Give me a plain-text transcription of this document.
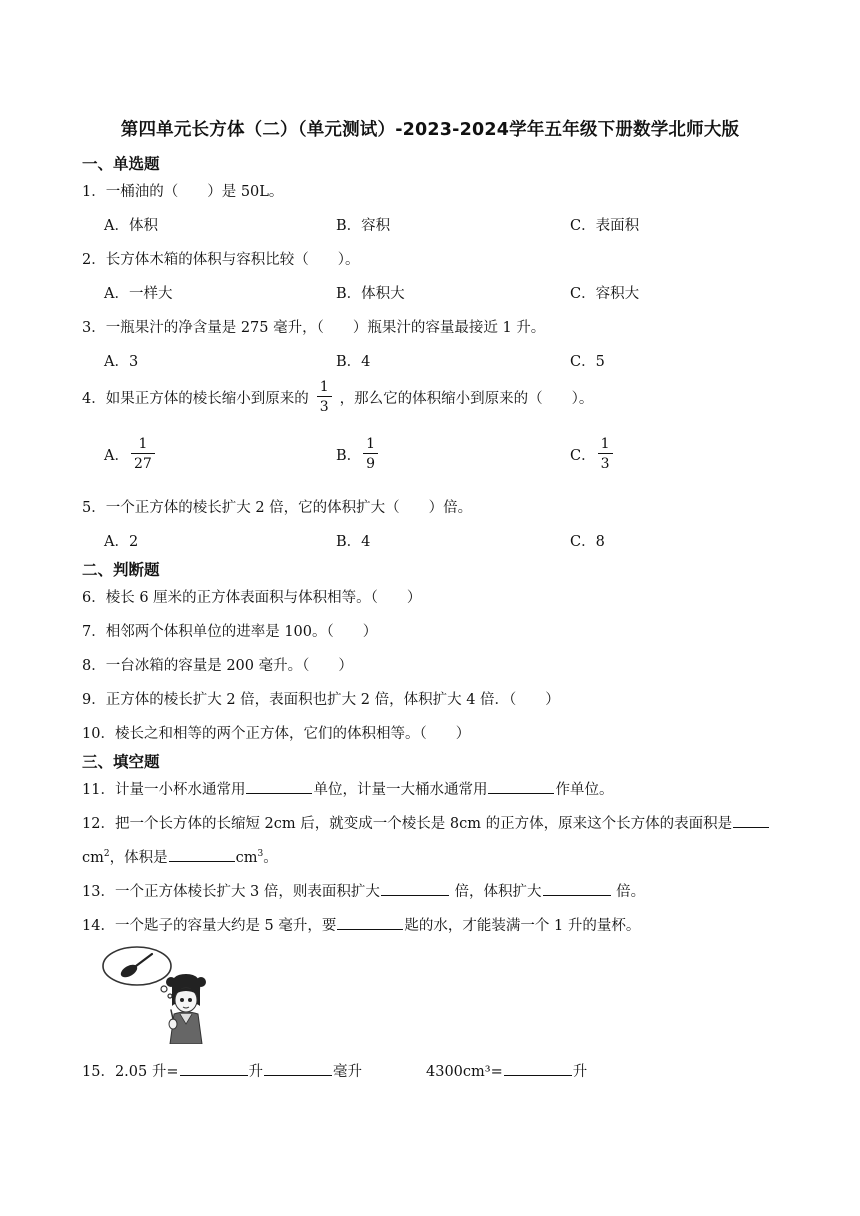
第四单元长方体（二）（单元测试）-2023-2024学年五年级下册数学北师大版
一、单选题
1．一桶油的（　　）是 50L。
A．体积	B．容积	C．表面积
2．长方体木箱的体积与容积比较（　　）。
A．一样大	B．体积大	C．容积大
3．一瓶果汁的净含量是 275 毫升，（　　）瓶果汁的容量最接近 1 升。
A．3	B．4	C．5
4．如果正方体的棱长缩小到原来的 $\frac{1}{3}$ ，那么它的体积缩小到原来的（　　）。
A． $\frac{1}{27}$	B． $\frac{1}{9}$	C． $\frac{1}{3}$
5．一个正方体的棱长扩大 2 倍，它的体积扩大（　　）倍。
A．2	B．4	C．8
二、判断题
6．棱长 6 厘米的正方体表面积与体积相等。（　　）
7．相邻两个体积单位的进率是 100。（　　）
8．一台冰箱的容量是 200 毫升。（　　）
9．正方体的棱长扩大 2 倍，表面积也扩大 2 倍，体积扩大 4 倍．（　　）
10．棱长之和相等的两个正方体，它们的体积相等。（　　）
三、填空题
11．计量一小杯水通常用	单位，计量一大桶水通常用	作单位。
12．把一个长方体的长缩短 2cm 后，就变成一个棱长是 8cm 的正方体，原来这个长方体的表面积是
$cm^2$，体积是	$cm^3$。
13．一个正方体棱长扩大 3 倍，则表面积扩大	倍，体积扩大	倍。
14．一个匙子的容量大约是 5 毫升，要	匙的水，才能装满一个 1 升的量杯。
15．2.05 升=	升	毫升	4300cm³=	升
